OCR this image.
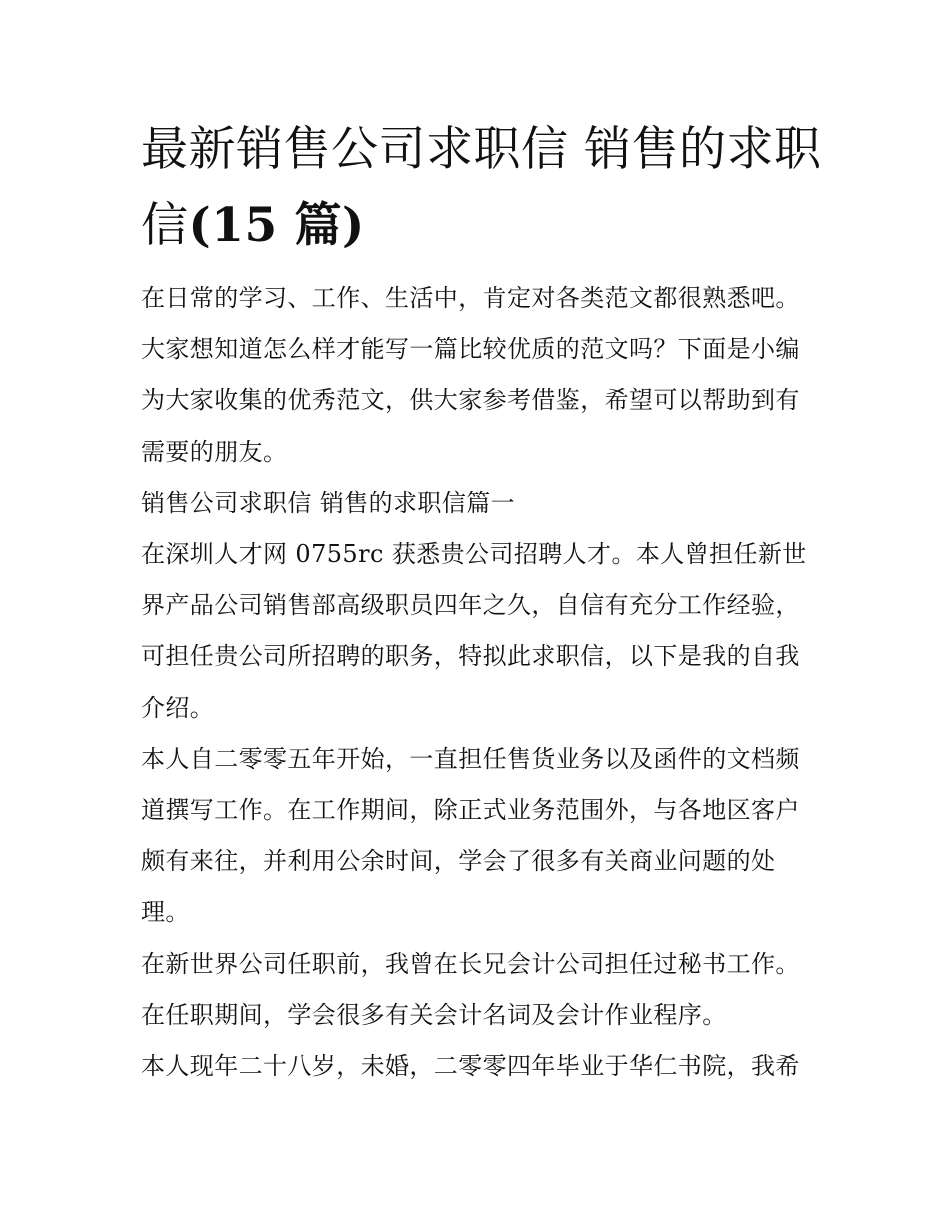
最新销售公司求职信 销售的求职信(15 篇)

在日常的学习、工作、生活中，肯定对各类范文都很熟悉吧。大家想知道怎么样才能写一篇比较优质的范文吗？下面是小编为大家收集的优秀范文，供大家参考借鉴，希望可以帮助到有需要的朋友。

销售公司求职信 销售的求职信篇一

在深圳人才网 0755rc 获悉贵公司招聘人才。本人曾担任新世界产品公司销售部高级职员四年之久，自信有充分工作经验，可担任贵公司所招聘的职务，特拟此求职信，以下是我的自我介绍。

本人自二零零五年开始，一直担任售货业务以及函件的文档频道撰写工作。在工作期间，除正式业务范围外，与各地区客户颇有来往，并利用公余时间，学会了很多有关商业问题的处理。

在新世界公司任职前，我曾在长兄会计公司担任过秘书工作。在任职期间，学会很多有关会计名词及会计作业程序。

本人现年二十八岁，未婚，二零零四年毕业于华仁书院，我希
